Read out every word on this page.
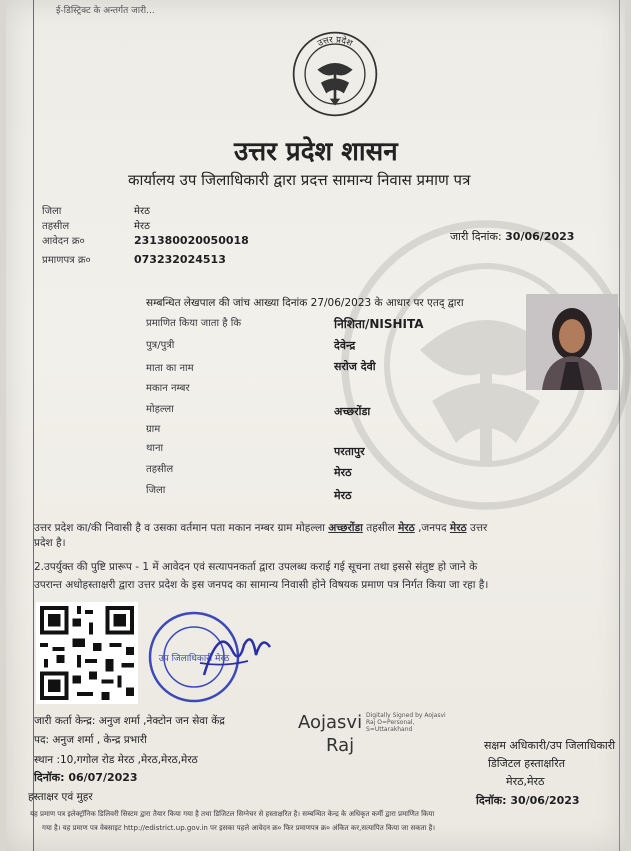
ई-डिस्ट्रिक्ट के अन्तर्गत जारी...
उत्तर प्रदेश
उत्तर प्रदेश शासन
कार्यालय उप जिलाधिकारी द्वारा प्रदत्त सामान्य निवास प्रमाण पत्र
जिला	मेरठ
तहसील	मेरठ
आवेदन क्र०	231380020050018
प्रमाणपत्र क्र०	073232024513
जारी दिनांक: 30/06/2023
सम्बन्धित लेखपाल की जांच आख्या दिनांक 27/06/2023 के आधार पर एतद् द्वारा
प्रमाणित किया जाता है कि	निशिता/NISHITA
पुत्र/पुत्री	देवेन्द्र
माता का नाम	सरोज देवी
मकान नम्बर
मोहल्ला	अच्छरोंडा
ग्राम
थाना	परतापुर
तहसील	मेरठ
जिला	मेरठ
उत्तर प्रदेश का/की निवासी है व उसका वर्तमान पता मकान नम्बर ग्राम मोहल्ला अच्छरोंडा तहसील मेरठ ,जनपद मेरठ उत्तर
प्रदेश है।
2.उपर्युक्त की पुष्टि प्रारूप - 1 में आवेदन एवं सत्यापनकर्ता द्वारा उपलब्ध कराई गई सूचना तथा इससे संतुष्ट हो जाने के
उपरान्त अधोहस्ताक्षरी द्वारा उत्तर प्रदेश के इस जनपद का सामान्य निवासी होने विषयक प्रमाण पत्र निर्गत किया जा रहा है।
उप जिलाधिकारी मेरठ
जारी कर्ता केन्द्र: अनुज शर्मा ,नेक्टोन जन सेवा केंद्र
पद: अनुज शर्मा , केन्द्र प्रभारी
स्थान :10,गगोल रोड मेरठ ,मेरठ,मेरठ,मेरठ
दिनॉक: 06/07/2023
हस्ताक्षर एवं मुहर
Aojasvi
Raj
Digitally Signed by Aojasvi Raj O=Personal, S=Uttarakhand
सक्षम अधिकारी/उप जिलाधिकारी
डिजिटल हस्ताक्षरित
मेरठ,मेरठ
दिनॉक: 30/06/2023
यह प्रमाण पत्र इलेक्ट्रॉनिक डिलिवरी सिस्टम द्वारा तैयार किया गया है तथा डिजिटल सिग्नेचर से हस्ताक्षरित है। सम्बन्धित केन्द्र के अधिकृत कर्मी द्वारा प्रमाणित किया
गया है। यह प्रमाण पत्र वेबसाइट http://edistrict.up.gov.in पर इसका पहले आवेदन क्र० फिर प्रमाणपत्र क्र० अंकित कर,सत्यापित किया जा सकता है।
